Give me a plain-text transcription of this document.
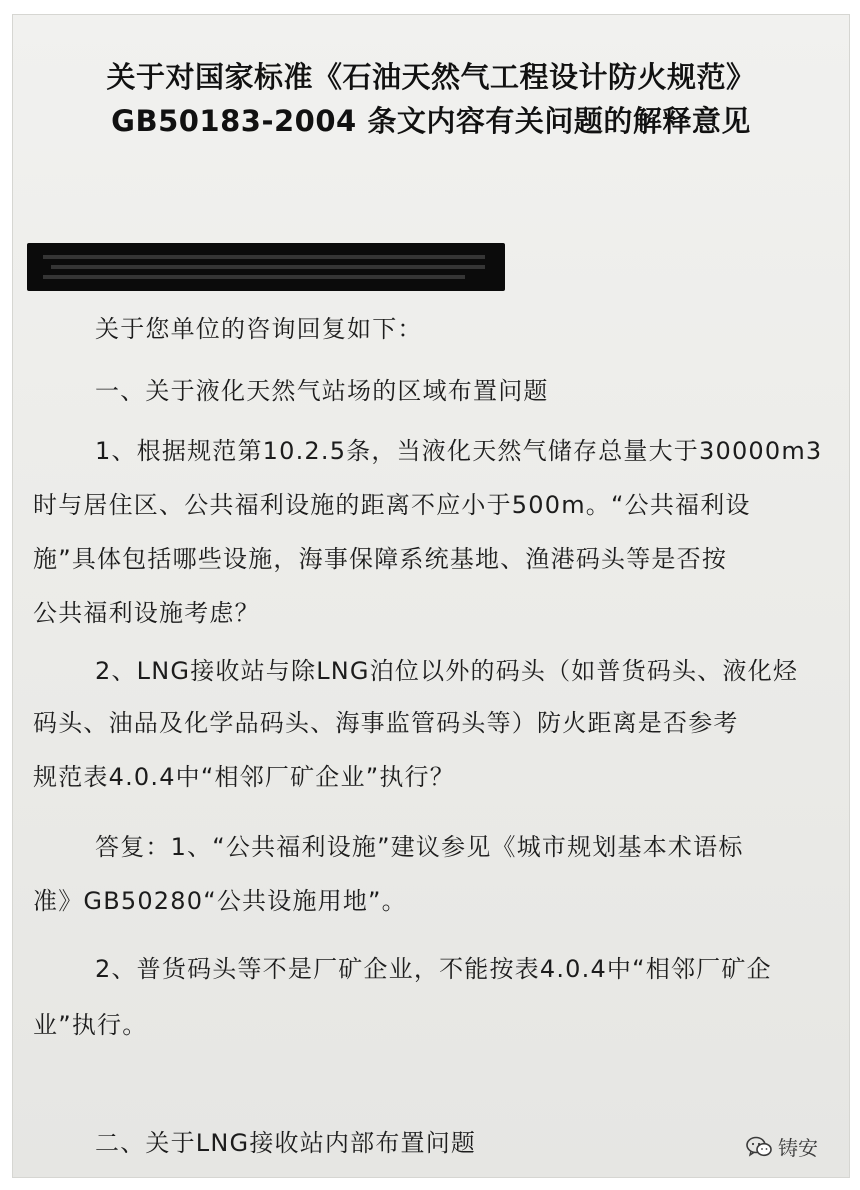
关于对国家标准《石油天然气工程设计防火规范》
GB50183-2004 条文内容有关问题的解释意见
关于您单位的咨询回复如下：
一、关于液化天然气站场的区域布置问题
1、根据规范第10.2.5条，当液化天然气储存总量大于30000m3
时与居住区、公共福利设施的距离不应小于500m。“公共福利设
施”具体包括哪些设施，海事保障系统基地、渔港码头等是否按
公共福利设施考虑？
2、LNG接收站与除LNG泊位以外的码头（如普货码头、液化烃
码头、油品及化学品码头、海事监管码头等）防火距离是否参考
规范表4.0.4中“相邻厂矿企业”执行？
答复：1、“公共福利设施”建议参见《城市规划基本术语标
准》GB50280“公共设施用地”。
2、普货码头等不是厂矿企业，不能按表4.0.4中“相邻厂矿企
业”执行。
二、关于LNG接收站内部布置问题	铸安
